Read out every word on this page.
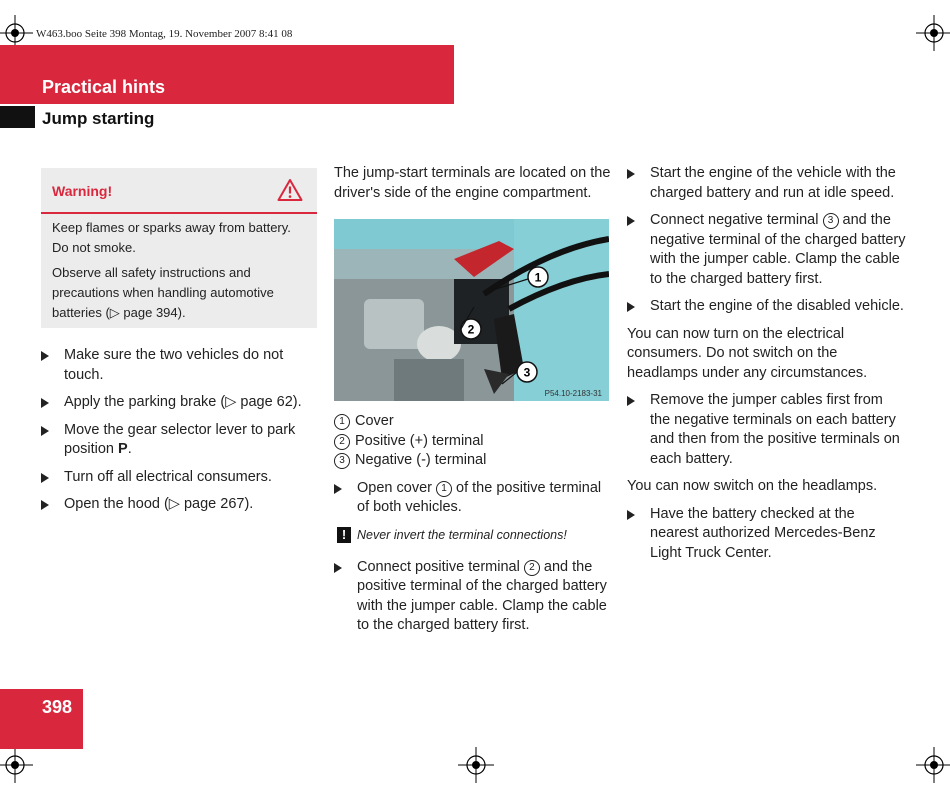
W463.boo Seite 398 Montag, 19. November 2007 8:41 08
Practical hints
Jump starting
Warning!
Keep flames or sparks away from battery. Do not smoke.
Observe all safety instructions and precautions when handling automotive batteries (▷ page 394).
Make sure the two vehicles do not touch.
Apply the parking brake (▷ page 62).
Move the gear selector lever to park position P.
Turn off all electrical consumers.
Open the hood (▷ page 267).

The jump-start terminals are located on the driver's side of the engine compartment.

1
2
3
P54.10-2183-31
1 Cover
2 Positive (+) terminal
3 Negative (-) terminal
Open cover 1 of the positive terminal of both vehicles.
! Never invert the terminal connections!
Connect positive terminal 2 and the positive terminal of the charged battery with the jumper cable. Clamp the cable to the charged battery first.
Start the engine of the vehicle with the charged battery and run at idle speed.
Connect negative terminal 3 and the negative terminal of the charged battery with the jumper cable. Clamp the cable to the charged battery first.
Start the engine of the disabled vehicle.

You can now turn on the electrical consumers. Do not switch on the headlamps under any circumstances.

Remove the jumper cables first from the negative terminals on each battery and then from the positive terminals on each battery.

You can now switch on the headlamps.

Have the battery checked at the nearest authorized Mercedes-Benz Light Truck Center.
398
